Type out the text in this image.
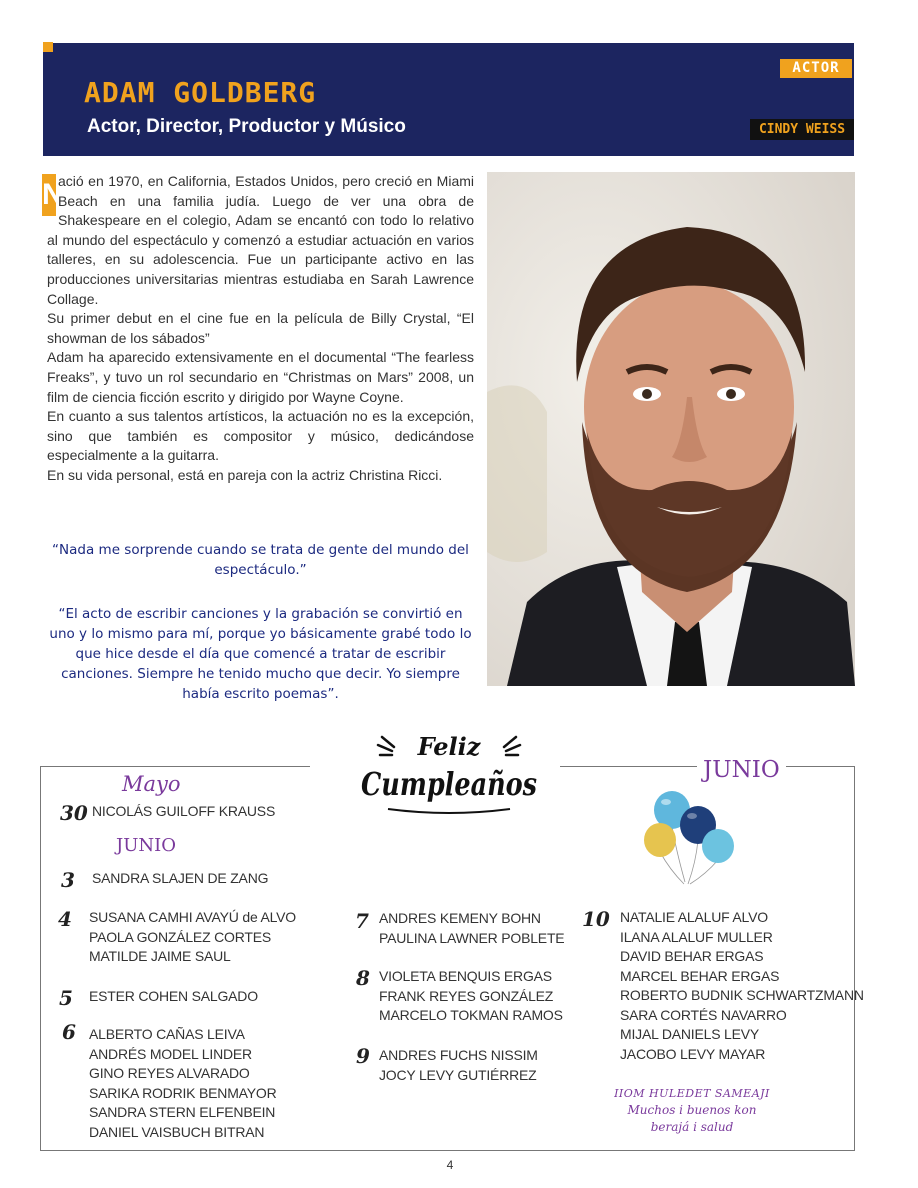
ADAM GOLDBERG
Actor, Director, Productor y Músico
ACTOR
CINDY WEISS

N
ació en 1970, en California, Estados Unidos, pero creció en Miami Beach en una familia judía. Luego de ver una obra de Shakespeare en el colegio, Adam se encantó con todo lo relativo al mundo del espectáculo y comenzó a estudiar actuación en varios talleres, en su adolescencia. Fue un participante activo en las producciones universitarias mientras estudiaba en Sarah Lawrence Collage.

Su primer debut en el cine fue en la película de Billy Crystal, “El showman de los sábados”

Adam ha aparecido extensivamente en el documental “The fearless Freaks”, y tuvo un rol secundario en “Christmas on Mars” 2008, un film de ciencia ficción escrito y dirigido por Wayne Coyne.

En cuanto a sus talentos artísticos, la actuación no es la excepción, sino que también es compositor y músico, dedicándose especialmente a la guitarra.

En su vida personal, está en pareja con la actriz Christina Ricci.

“Nada me sorprende cuando se trata de gente del mundo del espectáculo.”
“El acto de escribir canciones y la grabación se convirtió en uno y lo mismo para mí, porque yo básicamente grabé todo lo que hice desde el día que comencé a tratar de escribir canciones. Siempre he tenido mucho que decir. Yo siempre había escrito poemas”.
Feliz
Cumpleaños
Mayo
JUNIO
JUNIO
30 NICOLÁS GUILOFF KRAUSS
3 SANDRA SLAJEN DE ZANG
4 SUSANA CAMHI AVAYÚ de ALVO
PAOLA GONZÁLEZ CORTES
MATILDE JAIME SAUL
5 ESTER COHEN SALGADO
6 ALBERTO CAÑAS LEIVA
ANDRÉS MODEL LINDER
GINO REYES ALVARADO
SARIKA RODRIK BENMAYOR
SANDRA STERN ELFENBEIN
DANIEL VAISBUCH BITRAN
7 ANDRES KEMENY BOHN
PAULINA LAWNER POBLETE
8 VIOLETA BENQUIS ERGAS
FRANK REYES GONZÁLEZ
MARCELO TOKMAN RAMOS
9 ANDRES FUCHS NISSIM
JOCY LEVY GUTIÉRREZ
10 NATALIE ALALUF ALVO
ILANA ALALUF MULLER
DAVID BEHAR ERGAS
MARCEL BEHAR ERGAS
ROBERTO BUDNIK SCHWARTZMANN
SARA CORTÉS NAVARRO
MIJAL DANIELS LEVY
JACOBO LEVY MAYAR
IIOM HULEDET SAMEAJI
Muchos i buenos kon
berajá i salud
4
